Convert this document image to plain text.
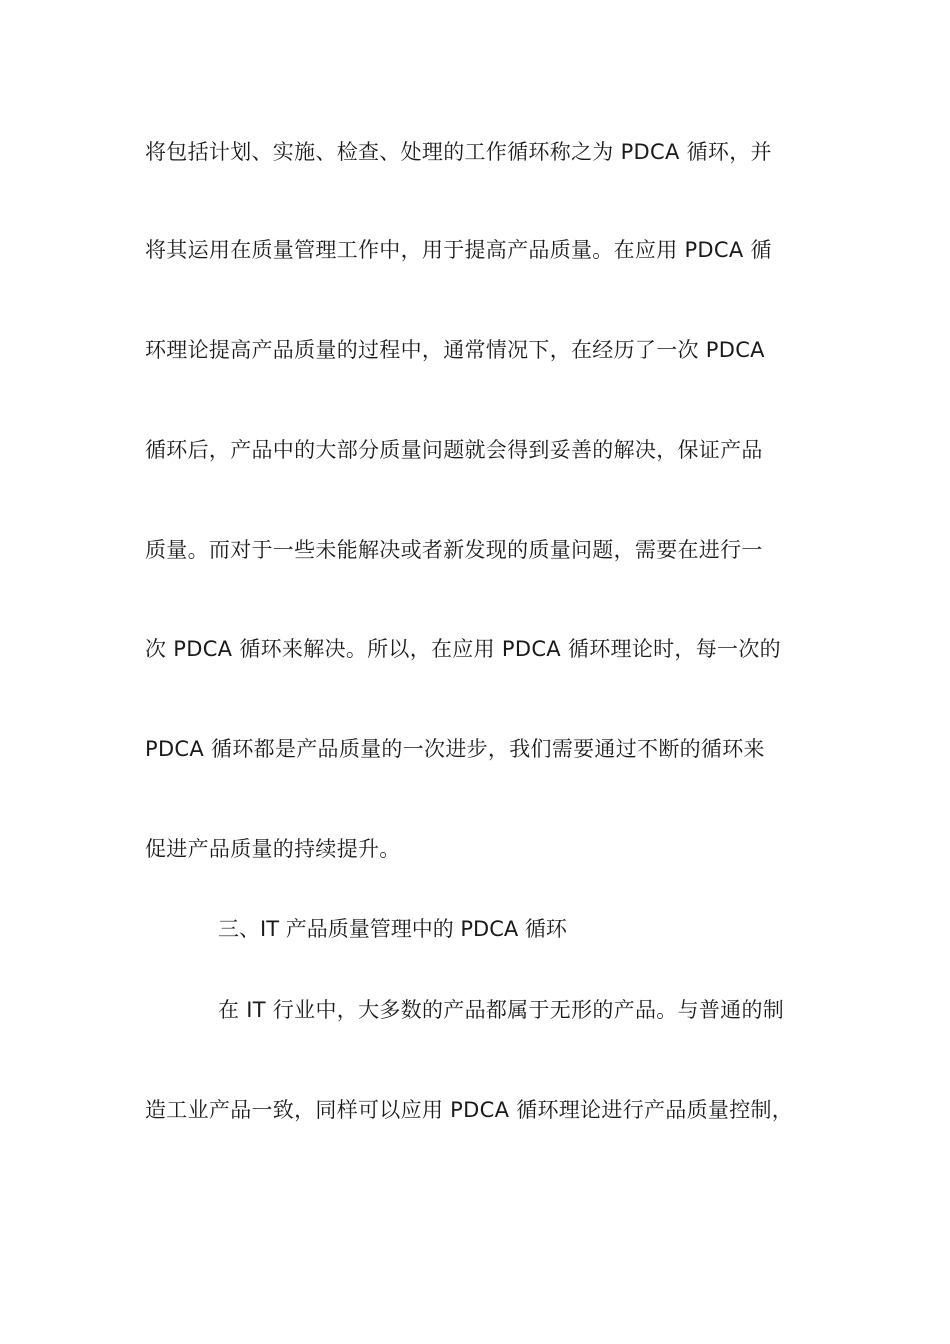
将包括计划、实施、检查、处理的工作循环称之为 PDCA 循环，并
将其运用在质量管理工作中，用于提高产品质量。在应用 PDCA 循
环理论提高产品质量的过程中，通常情况下，在经历了一次 PDCA
循环后，产品中的大部分质量问题就会得到妥善的解决，保证产品
质量。而对于一些未能解决或者新发现的质量问题，需要在进行一
次 PDCA 循环来解决。所以，在应用 PDCA 循环理论时，每一次的
PDCA 循环都是产品质量的一次进步，我们需要通过不断的循环来
促进产品质量的持续提升。
三、IT 产品质量管理中的 PDCA 循环
在 IT 行业中，大多数的产品都属于无形的产品。与普通的制
造工业产品一致，同样可以应用 PDCA 循环理论进行产品质量控制，
